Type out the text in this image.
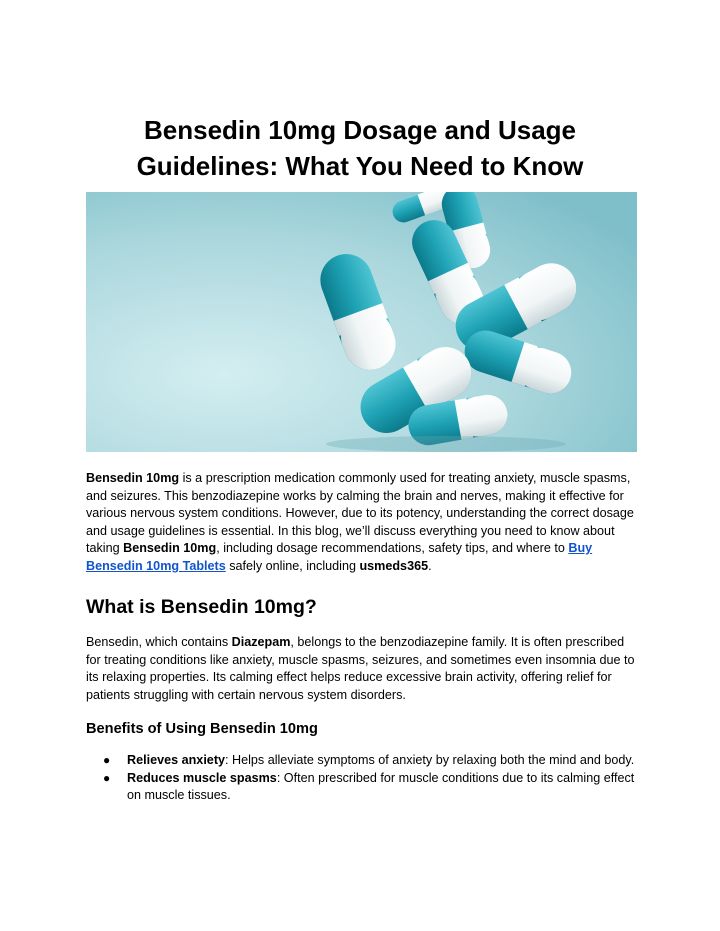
Bensedin 10mg Dosage and Usage Guidelines: What You Need to Know

Bensedin 10mg is a prescription medication commonly used for treating anxiety, muscle spasms, and seizures. This benzodiazepine works by calming the brain and nerves, making it effective for various nervous system conditions. However, due to its potency, understanding the correct dosage and usage guidelines is essential. In this blog, we’ll discuss everything you need to know about taking Bensedin 10mg, including dosage recommendations, safety tips, and where to Buy Bensedin 10mg Tablets safely online, including usmeds365.

What is Bensedin 10mg?

Bensedin, which contains Diazepam, belongs to the benzodiazepine family. It is often prescribed for treating conditions like anxiety, muscle spasms, seizures, and sometimes even insomnia due to its relaxing properties. Its calming effect helps reduce excessive brain activity, offering relief for patients struggling with certain nervous system disorders.

Benefits of Using Bensedin 10mg
● Relieves anxiety: Helps alleviate symptoms of anxiety by relaxing both the mind and body.
● Reduces muscle spasms: Often prescribed for muscle conditions due to its calming effect on muscle tissues.
